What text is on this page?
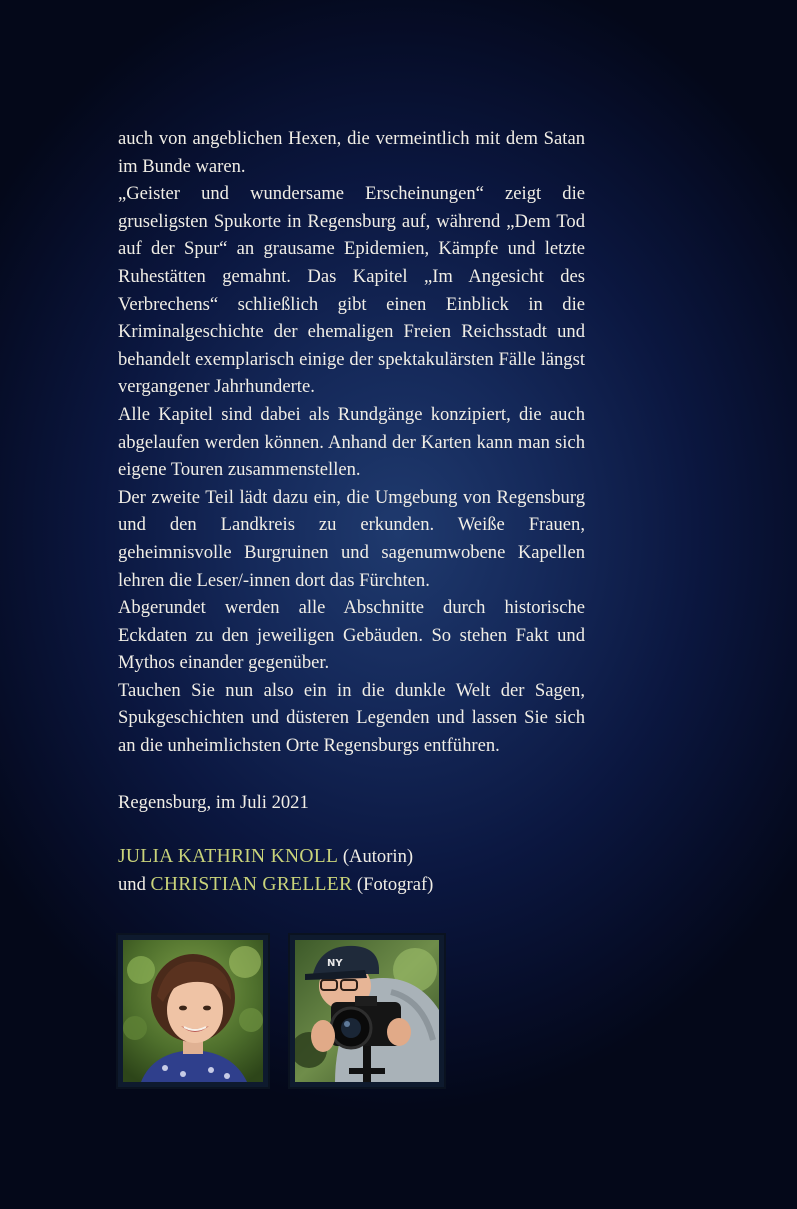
auch von angeblichen Hexen, die vermeintlich mit dem Satan im Bunde waren.

„Geister und wundersame Erscheinungen“ zeigt die gruseligsten Spukorte in Regensburg auf, während „Dem Tod auf der Spur“ an grausame Epidemien, Kämpfe und letzte Ruhestätten gemahnt. Das Kapitel „Im Angesicht des Verbrechens“ schließlich gibt einen Einblick in die Kriminalgeschichte der ehemaligen Freien Reichsstadt und behandelt exemplarisch einige der spektakulärsten Fälle längst vergangener Jahrhunderte.

Alle Kapitel sind dabei als Rundgänge konzipiert, die auch abgelaufen werden können. Anhand der Karten kann man sich eigene Touren zusammenstellen.

Der zweite Teil lädt dazu ein, die Umgebung von Regensburg und den Landkreis zu erkunden. Weiße Frauen, geheimnisvolle Burgruinen und sagenumwobene Kapellen lehren die Leser/-innen dort das Fürchten.

Abgerundet werden alle Abschnitte durch historische Eckdaten zu den jeweiligen Gebäuden. So stehen Fakt und Mythos einander gegenüber.

Tauchen Sie nun also ein in die dunkle Welt der Sagen, Spukgeschichten und düsteren Legenden und lassen Sie sich an die unheimlichsten Orte Regensburgs entführen.

Regensburg, im Juli 2021
JULIA KATHRIN KNOLL (Autorin)
und CHRISTIAN GRELLER (Fotograf)
NY
